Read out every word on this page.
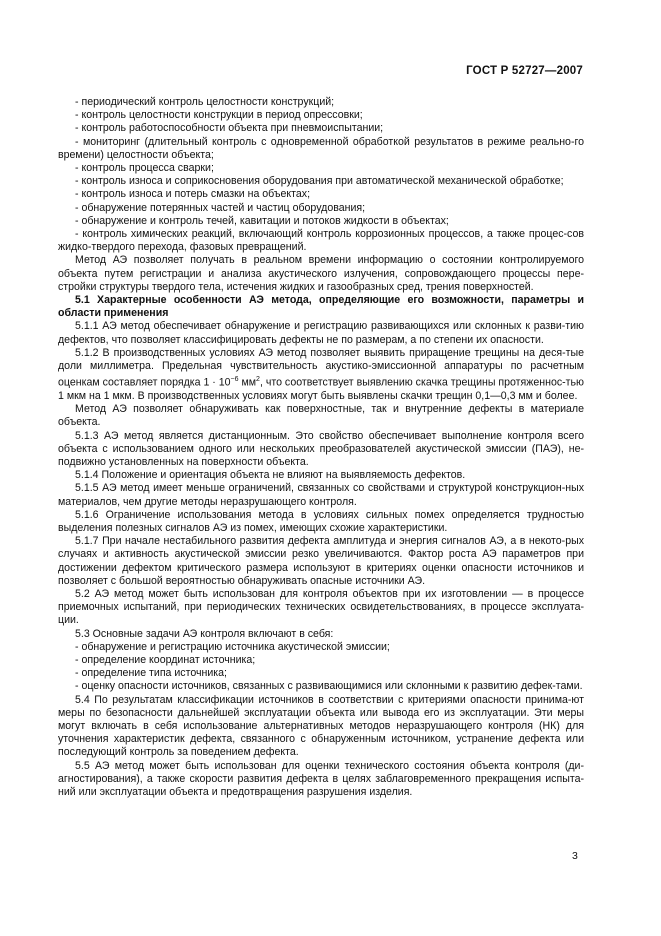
ГОСТ Р 52727—2007

- периодический контроль целостности конструкций;

- контроль целостности конструкции в период опрессовки;

- контроль работоспособности объекта при пневмоиспытании;

- мониторинг (длительный контроль с одновременной обработкой результатов в режиме реально-го времени) целостности объекта;

- контроль процесса сварки;

- контроль износа и соприкосновения оборудования при автоматической механической обработке;

- контроль износа и потерь смазки на объектах;

- обнаружение потерянных частей и частиц оборудования;

- обнаружение и контроль течей, кавитации и потоков жидкости в объектах;

- контроль химических реакций, включающий контроль коррозионных процессов, а также процес-сов жидко-твердого перехода, фазовых превращений.

Метод АЭ позволяет получать в реальном времени информацию о состоянии контролируемого объекта путем регистрации и анализа акустического излучения, сопровождающего процессы пере-стройки структуры твердого тела, истечения жидких и газообразных сред, трения поверхностей.

5.1 Характерные особенности АЭ метода, определяющие его возможности, параметры и области применения

5.1.1 АЭ метод обеспечивает обнаружение и регистрацию развивающихся или склонных к разви-тию дефектов, что позволяет классифицировать дефекты не по размерам, а по степени их опасности.

5.1.2 В производственных условиях АЭ метод позволяет выявить приращение трещины на деся-тые доли миллиметра. Предельная чувствительность акустико-эмиссионной аппаратуры по расчетным оценкам составляет порядка $1 \cdot 10^{-6}$ $мм^2$, что соответствует выявлению скачка трещины протяженнос-тью 1 мкм на 1 мкм. В производственных условиях могут быть выявлены скачки трещин 0,1—0,3 мм и более.

Метод АЭ позволяет обнаруживать как поверхностные, так и внутренние дефекты в материале объекта.

5.1.3 АЭ метод является дистанционным. Это свойство обеспечивает выполнение контроля всего объекта с использованием одного или нескольких преобразователей акустической эмиссии (ПАЭ), не-подвижно установленных на поверхности объекта.

5.1.4 Положение и ориентация объекта не влияют на выявляемость дефектов.

5.1.5 АЭ метод имеет меньше ограничений, связанных со свойствами и структурой конструкцион-ных материалов, чем другие методы неразрушающего контроля.

5.1.6 Ограничение использования метода в условиях сильных помех определяется трудностью выделения полезных сигналов АЭ из помех, имеющих схожие характеристики.

5.1.7 При начале нестабильного развития дефекта амплитуда и энергия сигналов АЭ, а в некото-рых случаях и активность акустической эмиссии резко увеличиваются. Фактор роста АЭ параметров при достижении дефектом критического размера используют в критериях оценки опасности источников и позволяет с большой вероятностью обнаруживать опасные источники АЭ.

5.2 АЭ метод может быть использован для контроля объектов при их изготовлении — в процессе приемочных испытаний, при периодических технических освидетельствованиях, в процессе эксплуата-ции.

5.3 Основные задачи АЭ контроля включают в себя:

- обнаружение и регистрацию источника акустической эмиссии;

- определение координат источника;

- определение типа источника;

- оценку опасности источников, связанных с развивающимися или склонными к развитию дефек-тами.

5.4 По результатам классификации источников в соответствии с критериями опасности принима-ют меры по безопасности дальнейшей эксплуатации объекта или вывода его из эксплуатации. Эти меры могут включать в себя использование альтернативных методов неразрушающего контроля (НК) для уточнения характеристик дефекта, связанного с обнаруженным источником, устранение дефекта или последующий контроль за поведением дефекта.

5.5 АЭ метод может быть использован для оценки технического состояния объекта контроля (ди-агностирования), а также скорости развития дефекта в целях заблаговременного прекращения испыта-ний или эксплуатации объекта и предотвращения разрушения изделия.

3
